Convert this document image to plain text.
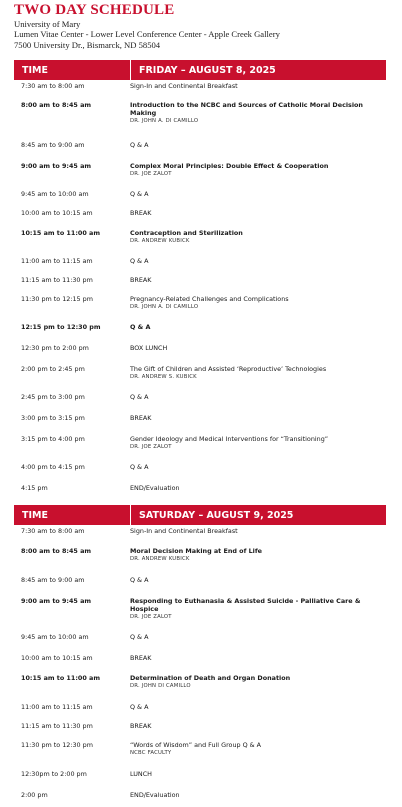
TWO DAY SCHEDULE
University of Mary
Lumen Vitae Center - Lower Level Conference Center - Apple Creek Gallery
7500 University Dr., Bismarck, ND 58504
TIME	FRIDAY – AUGUST 8, 2025
7:30 am to 8:00 am	Sign-In and Continental Breakfast
8:00 am to 8:45 am	Introduction to the NCBC and Sources of Catholic Moral Decision Making
DR. JOHN A. DI CAMILLO
8:45 am to 9:00 am	Q & A
9:00 am to 9:45 am	Complex Moral Principles: Double Effect & Cooperation
DR. JOE ZALOT
9:45 am to 10:00 am	Q & A
10:00 am to 10:15 am	BREAK
10:15 am to 11:00 am	Contraception and Sterilization
DR. ANDREW KUBICK
11:00 am to 11:15 am	Q & A
11:15 am to 11:30 pm	BREAK
11:30 pm to 12:15 pm	Pregnancy-Related Challenges and Complications
DR. JOHN A. DI CAMILLO
12:15 pm to 12:30 pm	Q & A
12:30 pm to 2:00 pm	BOX LUNCH
2:00 pm to 2:45 pm	The Gift of Children and Assisted ‘Reproductive’ Technologies
DR. ANDREW S. KUBICK
2:45 pm to 3:00 pm	Q & A
3:00 pm to 3:15 pm	BREAK
3:15 pm to 4:00 pm	Gender Ideology and Medical Interventions for “Transitioning”
DR. JOE ZALOT
4:00 pm to 4:15 pm	Q & A
4:15 pm	END/Evaluation
TIME	SATURDAY – AUGUST 9, 2025
7:30 am to 8:00 am	Sign-In and Continental Breakfast
8:00 am to 8:45 am	Moral Decision Making at End of Life
DR. ANDREW KUBICK
8:45 am to 9:00 am	Q & A
9:00 am to 9:45 am	Responding to Euthanasia & Assisted Suicide - Palliative Care & Hospice
DR. JOE ZALOT
9:45 am to 10:00 am	Q & A
10:00 am to 10:15 am	BREAK
10:15 am to 11:00 am	Determination of Death and Organ Donation
DR. JOHN DI CAMILLO
11:00 am to 11:15 am	Q & A
11:15 am to 11:30 pm	BREAK
11:30 pm to 12:30 pm	“Words of Wisdom” and Full Group Q & A
NCBC FACULTY
12:30pm to 2:00 pm	LUNCH
2:00 pm	END/Evaluation
